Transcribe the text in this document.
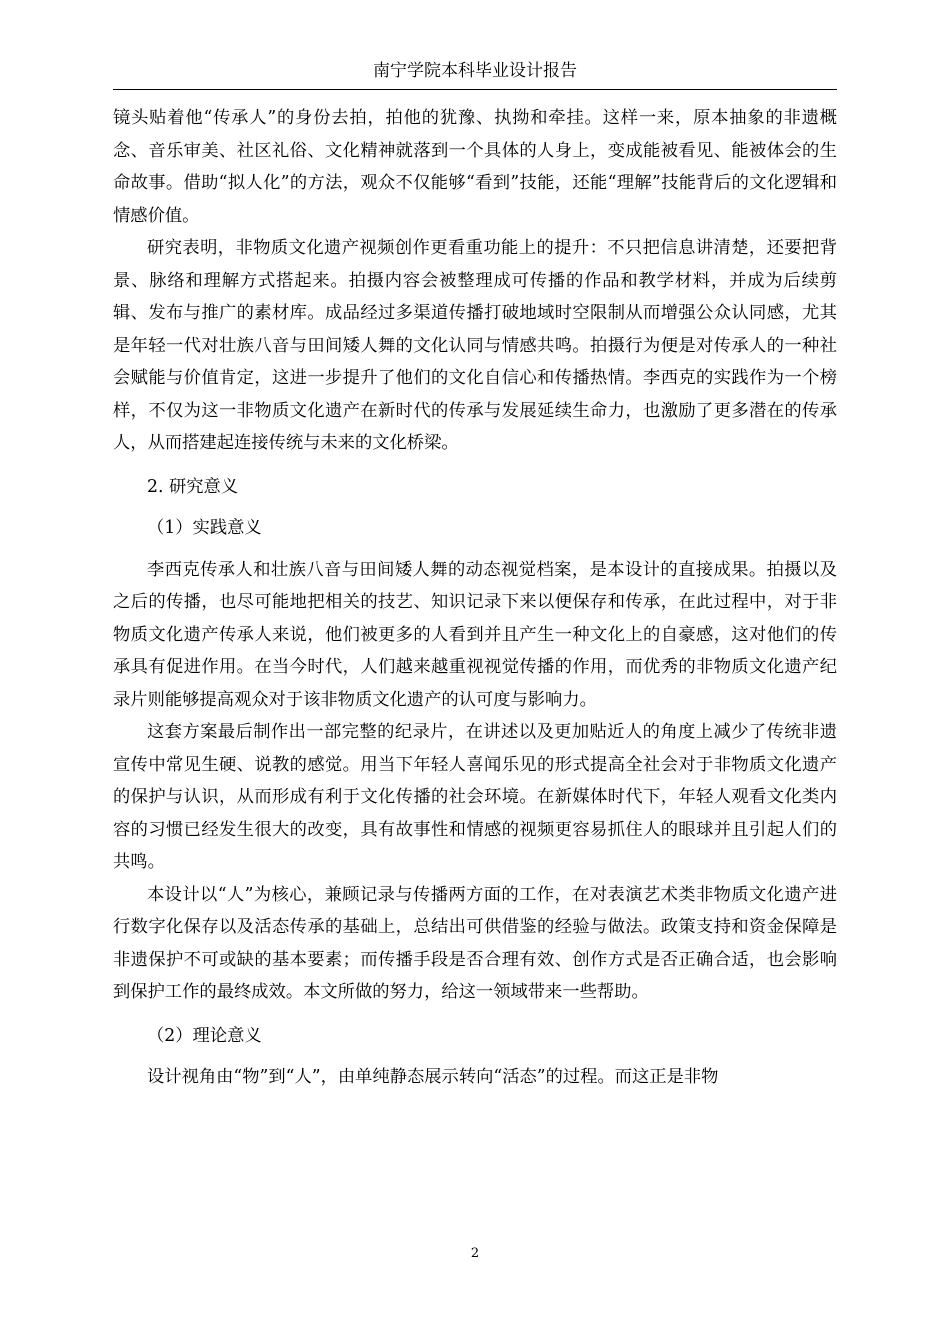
南宁学院本科毕业设计报告

镜头贴着他“传承人”的身份去拍，拍他的犹豫、执拗和牵挂。这样一来，原本抽象的非遗概念、音乐审美、社区礼俗、文化精神就落到一个具体的人身上，变成能被看见、能被体会的生命故事。借助“拟人化”的方法，观众不仅能够“看到”技能，还能“理解”技能背后的文化逻辑和情感价值。

研究表明，非物质文化遗产视频创作更看重功能上的提升：不只把信息讲清楚，还要把背景、脉络和理解方式搭起来。拍摄内容会被整理成可传播的作品和教学材料，并成为后续剪辑、发布与推广的素材库。成品经过多渠道传播打破地域时空限制从而增强公众认同感，尤其是年轻一代对壮族八音与田间矮人舞的文化认同与情感共鸣。拍摄行为便是对传承人的一种社会赋能与价值肯定，这进一步提升了他们的文化自信心和传播热情。李西克的实践作为一个榜样，不仅为这一非物质文化遗产在新时代的传承与发展延续生命力，也激励了更多潜在的传承人，从而搭建起连接传统与未来的文化桥梁。

2. 研究意义

（1）实践意义

李西克传承人和壮族八音与田间矮人舞的动态视觉档案，是本设计的直接成果。拍摄以及之后的传播，也尽可能地把相关的技艺、知识记录下来以便保存和传承，在此过程中，对于非物质文化遗产传承人来说，他们被更多的人看到并且产生一种文化上的自豪感，这对他们的传承具有促进作用。在当今时代，人们越来越重视视觉传播的作用，而优秀的非物质文化遗产纪录片则能够提高观众对于该非物质文化遗产的认可度与影响力。

这套方案最后制作出一部完整的纪录片，在讲述以及更加贴近人的角度上减少了传统非遗宣传中常见生硬、说教的感觉。用当下年轻人喜闻乐见的形式提高全社会对于非物质文化遗产的保护与认识，从而形成有利于文化传播的社会环境。在新媒体时代下，年轻人观看文化类内容的习惯已经发生很大的改变，具有故事性和情感的视频更容易抓住人的眼球并且引起人们的共鸣。

本设计以“人”为核心，兼顾记录与传播两方面的工作，在对表演艺术类非物质文化遗产进行数字化保存以及活态传承的基础上，总结出可供借鉴的经验与做法。政策支持和资金保障是非遗保护不可或缺的基本要素；而传播手段是否合理有效、创作方式是否正确合适，也会影响到保护工作的最终成效。本文所做的努力，给这一领域带来一些帮助。

（2）理论意义

设计视角由“物”到“人”，由单纯静态展示转向“活态”的过程。而这正是非物

2
